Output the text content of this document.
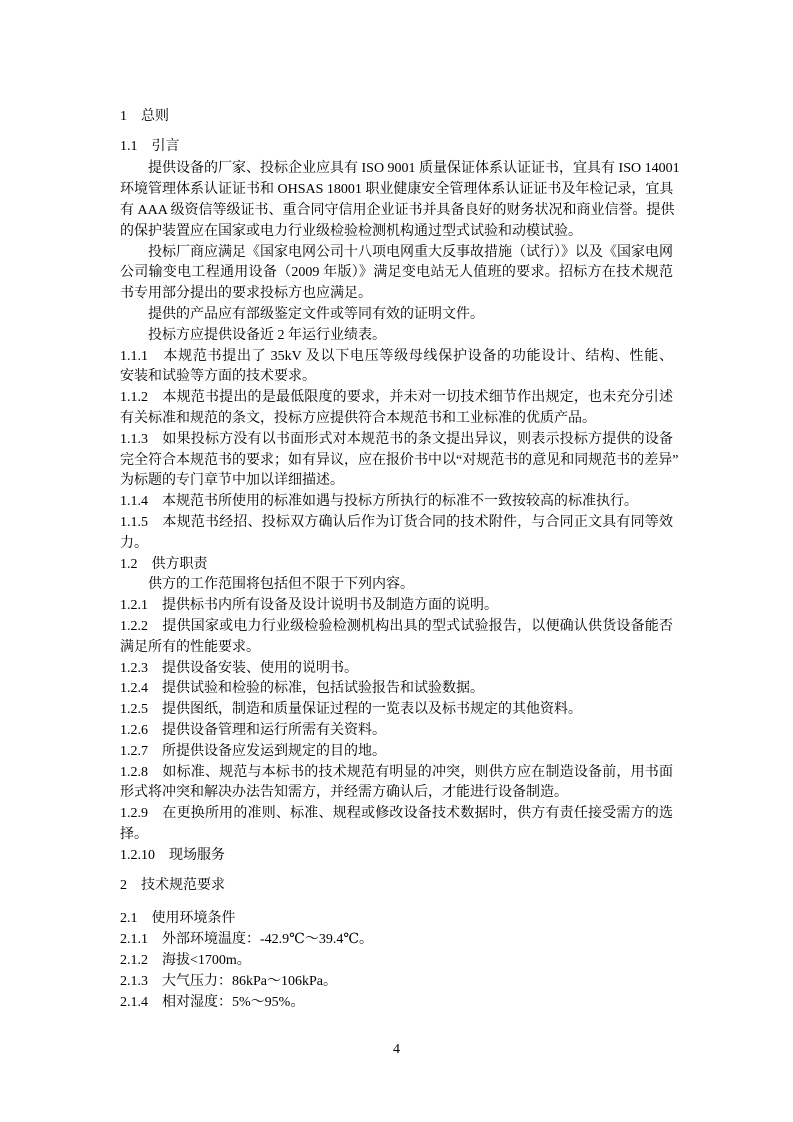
1　总则
1.1　引言
提供设备的厂家、投标企业应具有 ISO 9001 质量保证体系认证证书，宜具有 ISO 14001
环境管理体系认证证书和 OHSAS 18001 职业健康安全管理体系认证证书及年检记录，宜具
有 AAA 级资信等级证书、重合同守信用企业证书并具备良好的财务状况和商业信誉。提供
的保护装置应在国家或电力行业级检验检测机构通过型式试验和动模试验。
投标厂商应满足《国家电网公司十八项电网重大反事故措施（试行）》以及《国家电网
公司输变电工程通用设备（2009 年版）》满足变电站无人值班的要求。招标方在技术规范
书专用部分提出的要求投标方也应满足。
提供的产品应有部级鉴定文件或等同有效的证明文件。
投标方应提供设备近 2 年运行业绩表。
1.1.1　本规范书提出了 35kV 及以下电压等级母线保护设备的功能设计、结构、性能、
安装和试验等方面的技术要求。
1.1.2　本规范书提出的是最低限度的要求，并未对一切技术细节作出规定，也未充分引述
有关标准和规范的条文，投标方应提供符合本规范书和工业标准的优质产品。
1.1.3　如果投标方没有以书面形式对本规范书的条文提出异议，则表示投标方提供的设备
完全符合本规范书的要求；如有异议，应在报价书中以“对规范书的意见和同规范书的差异”
为标题的专门章节中加以详细描述。
1.1.4　本规范书所使用的标准如遇与投标方所执行的标准不一致按较高的标准执行。
1.1.5　本规范书经招、投标双方确认后作为订货合同的技术附件，与合同正文具有同等效
力。
1.2　供方职责
供方的工作范围将包括但不限于下列内容。
1.2.1　提供标书内所有设备及设计说明书及制造方面的说明。
1.2.2　提供国家或电力行业级检验检测机构出具的型式试验报告，以便确认供货设备能否
满足所有的性能要求。
1.2.3　提供设备安装、使用的说明书。
1.2.4　提供试验和检验的标准，包括试验报告和试验数据。
1.2.5　提供图纸，制造和质量保证过程的一览表以及标书规定的其他资料。
1.2.6　提供设备管理和运行所需有关资料。
1.2.7　所提供设备应发运到规定的目的地。
1.2.8　如标准、规范与本标书的技术规范有明显的冲突，则供方应在制造设备前，用书面
形式将冲突和解决办法告知需方，并经需方确认后，才能进行设备制造。
1.2.9　在更换所用的准则、标准、规程或修改设备技术数据时，供方有责任接受需方的选
择。
1.2.10　现场服务
2　技术规范要求
2.1　使用环境条件
2.1.1　外部环境温度：-42.9℃～39.4℃。
2.1.2　海拔<1700m。
2.1.3　大气压力：86kPa～106kPa。
2.1.4　相对湿度：5%～95%。
4
